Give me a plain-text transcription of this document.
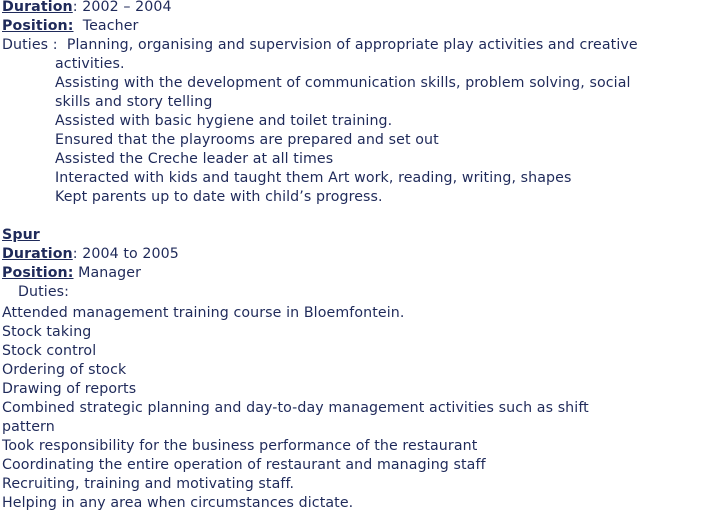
Duration: 2002 – 2004
Position:  Teacher
Duties :  Planning, organising and supervision of appropriate play activities and creative activities.
Assisting with the development of communication skills, problem solving, social skills and story telling
Assisted with basic hygiene and toilet training.
Ensured that the playrooms are prepared and set out
Assisted the Creche leader at all times
Interacted with kids and taught them Art work, reading, writing, shapes
Kept parents up to date with child’s progress.
Spur
Duration: 2004 to 2005
Position: Manager
Duties:
Attended management training course in Bloemfontein.
Stock taking
Stock control
Ordering of stock
Drawing of reports
Combined strategic planning and day-to-day management activities such as shift pattern
Took responsibility for the business performance of the restaurant
Coordinating the entire operation of restaurant and managing staff
Recruiting, training and motivating staff.
Helping in any area when circumstances dictate.
